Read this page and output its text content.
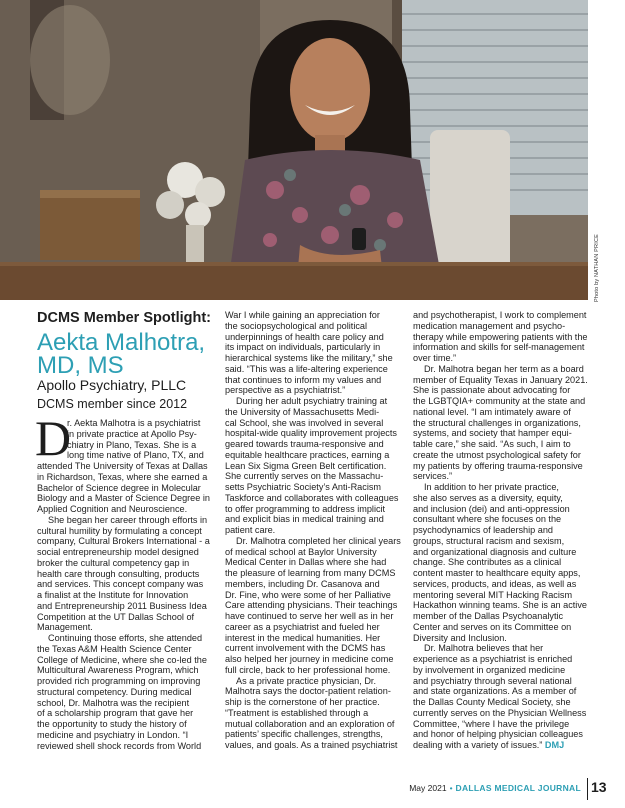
Photo by NATHAN PRICE
DCMS Member Spotlight:
Aekta Malhotra,
MD, MS
Apollo Psychiatry, PLLC
DCMS member since 2012
D

r. Aekta Malhotra is a psychiatrist

in private practice at Apollo Psy-

chiatry in Plano, Texas. She is a

long time native of Plano, TX, and

attended The University of Texas at Dallas

in Richardson, Texas, where she earned a

Bachelor of Science degree in Molecular

Biology and a Master of Science Degree in

Applied Cognition and Neuroscience.

She began her career through efforts in

cultural humility by formulating a concept

company, Cultural Brokers International - a

social entrepreneurship model designed

broker the cultural competency gap in

health care through consulting, products

and services. This concept company was

a finalist at the Institute for Innovation

and Entrepreneurship 2011 Business Idea

Competition at the UT Dallas School of

Management.

Continuing those efforts, she attended

the Texas A&M Health Science Center

College of Medicine, where she co-led the

Multicultural Awareness Program, which

provided rich programming on improving

structural competency. During medical

school, Dr. Malhotra was the recipient

of a scholarship program that gave her

the opportunity to study the history of

medicine and psychiatry in London. “I

reviewed shell shock records from World

War I while gaining an appreciation for

the sociopsychological and political

underpinnings of health care policy and

its impact on individuals, particularly in

hierarchical systems like the military,” she

said. “This was a life-altering experience

that continues to inform my values and

perspective as a psychiatrist.”

During her adult psychiatry training at

the University of Massachusetts Medi-

cal School, she was involved in several

hospital-wide quality improvement projects

geared towards trauma-responsive and

equitable healthcare practices, earning a

Lean Six Sigma Green Belt certification.

She currently serves on the Massachu-

setts Psychiatric Society’s Anti-Racism

Taskforce and collaborates with colleagues

to offer programming to address implicit

and explicit bias in medical training and

patient care.

Dr. Malhotra completed her clinical years

of medical school at Baylor University

Medical Center in Dallas where she had

the pleasure of learning from many DCMS

members, including Dr. Casanova and

Dr. Fine, who were some of her Palliative

Care attending physicians. Their teachings

have continued to serve her well as in her

career as a psychiatrist and fueled her

interest in the medical humanities. Her

current involvement with the DCMS has

also helped her journey in medicine come

full circle, back to her professional home.

As a private practice physician, Dr.

Malhotra says the doctor-patient relation-

ship is the cornerstone of her practice.

“Treatment is established through a

mutual collaboration and an exploration of

patients’ specific challenges, strengths,

values, and goals. As a trained psychiatrist

and psychotherapist, I work to complement

medication management and psycho-

therapy while empowering patients with the

information and skills for self-management

over time.”

Dr. Malhotra began her term as a board

member of Equality Texas in January 2021.

She is passionate about advocating for

the LGBTQIA+ community at the state and

national level. “I am intimately aware of

the structural challenges in organizations,

systems, and society that hamper equi-

table care,” she said. “As such, I aim to

create the utmost psychological safety for

my patients by offering trauma-responsive

services.”

In addition to her private practice,

she also serves as a diversity, equity,

and inclusion (dei) and anti-oppression

consultant where she focuses on the

psychodynamics of leadership and

groups, structural racism and sexism,

and organizational diagnosis and culture

change. She contributes as a clinical

content master to healthcare equity apps,

services, products, and ideas, as well as

mentoring several MIT Hacking Racism

Hackathon winning teams. She is an active

member of the Dallas Psychoanalytic

Center and serves on its Committee on

Diversity and Inclusion.

Dr. Malhotra believes that her

experience as a psychiatrist is enriched

by involvement in organized medicine

and psychiatry through several national

and state organizations. As a member of

the Dallas County Medical Society, she

currently serves on the Physician Wellness

Committee, “where I have the privilege

and honor of helping physician colleagues

dealing with a variety of issues.” DMJ

May 2021 • DALLAS MEDICAL JOURNAL 13
